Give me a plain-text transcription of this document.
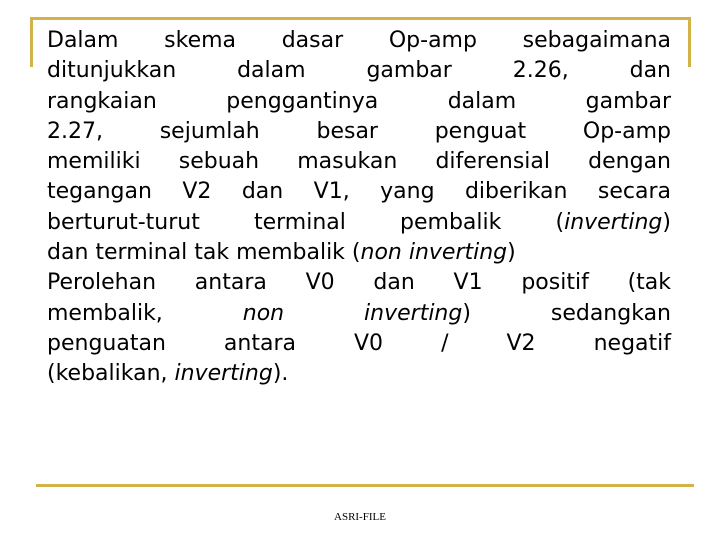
Dalam skema dasar Op-amp sebagaimana
ditunjukkan dalam gambar 2.26, dan
rangkaian penggantinya dalam gambar
2.27, sejumlah besar penguat Op-amp
memiliki sebuah masukan diferensial dengan
tegangan V2 dan V1, yang diberikan secara
berturut-turut terminal pembalik (inverting)
dan terminal tak membalik (non inverting)
Perolehan antara V0 dan V1 positif (tak
membalik, non inverting) sedangkan
penguatan antara V0 / V2 negatif
(kebalikan, inverting).
ASRI-FILE
